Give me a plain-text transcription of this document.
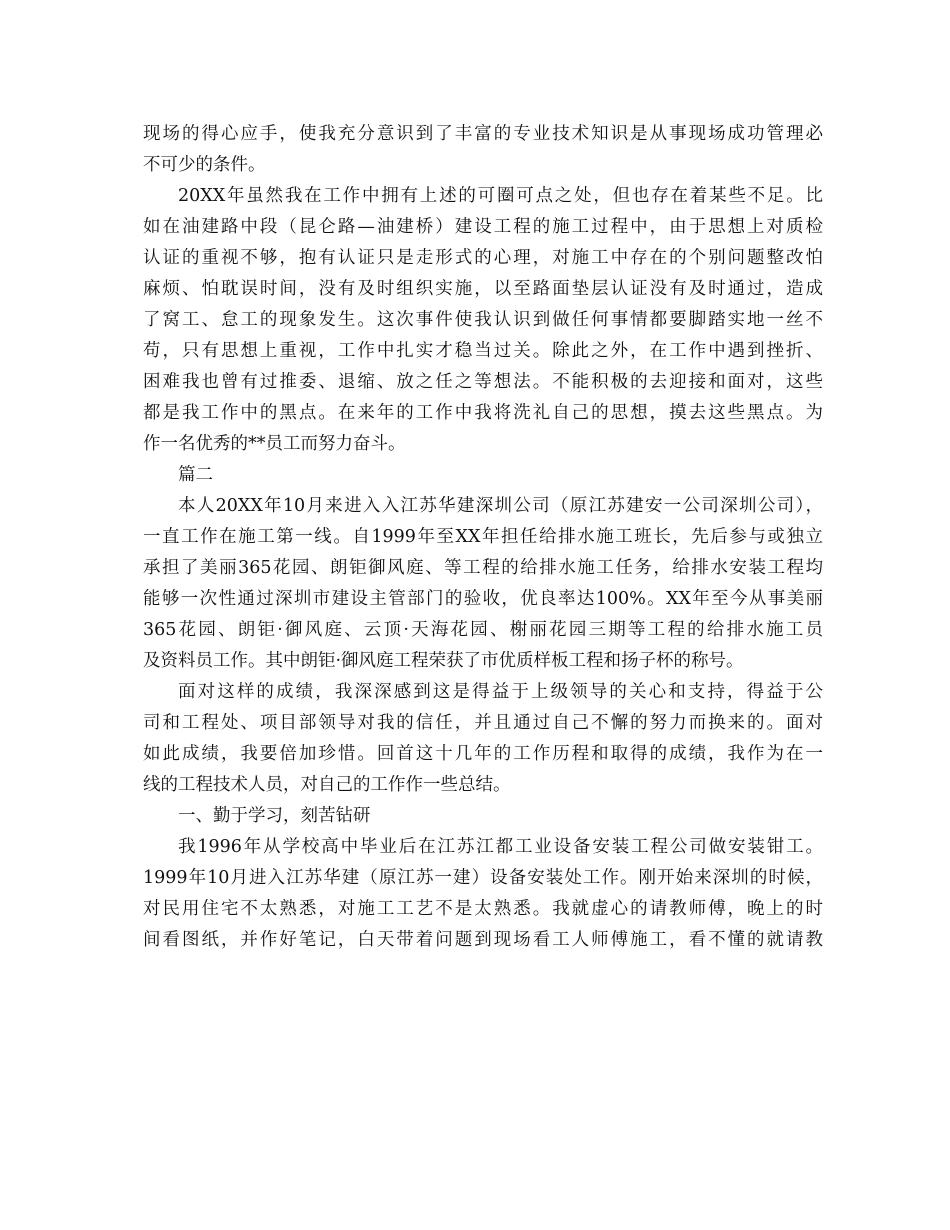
现场的得心应手，使我充分意识到了丰富的专业技术知识是从事现场成功管理必
不可少的条件。
20XX年虽然我在工作中拥有上述的可圈可点之处，但也存在着某些不足。比
如在油建路中段（昆仑路—油建桥）建设工程的施工过程中，由于思想上对质检
认证的重视不够，抱有认证只是走形式的心理，对施工中存在的个别问题整改怕
麻烦、怕耽误时间，没有及时组织实施，以至路面垫层认证没有及时通过，造成
了窝工、怠工的现象发生。这次事件使我认识到做任何事情都要脚踏实地一丝不
苟，只有思想上重视，工作中扎实才稳当过关。除此之外，在工作中遇到挫折、
困难我也曾有过推委、退缩、放之任之等想法。不能积极的去迎接和面对，这些
都是我工作中的黑点。在来年的工作中我将洗礼自己的思想，摸去这些黑点。为
作一名优秀的**员工而努力奋斗。
篇二
本人20XX年10月来进入入江苏华建深圳公司（原江苏建安一公司深圳公司），
一直工作在施工第一线。自1999年至XX年担任给排水施工班长，先后参与或独立
承担了美丽365花园、朗钜御风庭、等工程的给排水施工任务，给排水安装工程均
能够一次性通过深圳市建设主管部门的验收，优良率达100%。XX年至今从事美丽
365花园、朗钜·御风庭、云顶·天海花园、榭丽花园三期等工程的给排水施工员
及资料员工作。其中朗钜·御风庭工程荣获了市优质样板工程和扬子杯的称号。
面对这样的成绩，我深深感到这是得益于上级领导的关心和支持，得益于公
司和工程处、项目部领导对我的信任，并且通过自己不懈的努力而换来的。面对
如此成绩，我要倍加珍惜。回首这十几年的工作历程和取得的成绩，我作为在一
线的工程技术人员，对自己的工作作一些总结。
一、勤于学习，刻苦钻研
我1996年从学校高中毕业后在江苏江都工业设备安装工程公司做安装钳工。
1999年10月进入江苏华建（原江苏一建）设备安装处工作。刚开始来深圳的时候，
对民用住宅不太熟悉，对施工工艺不是太熟悉。我就虚心的请教师傅，晚上的时
间看图纸，并作好笔记，白天带着问题到现场看工人师傅施工，看不懂的就请教
